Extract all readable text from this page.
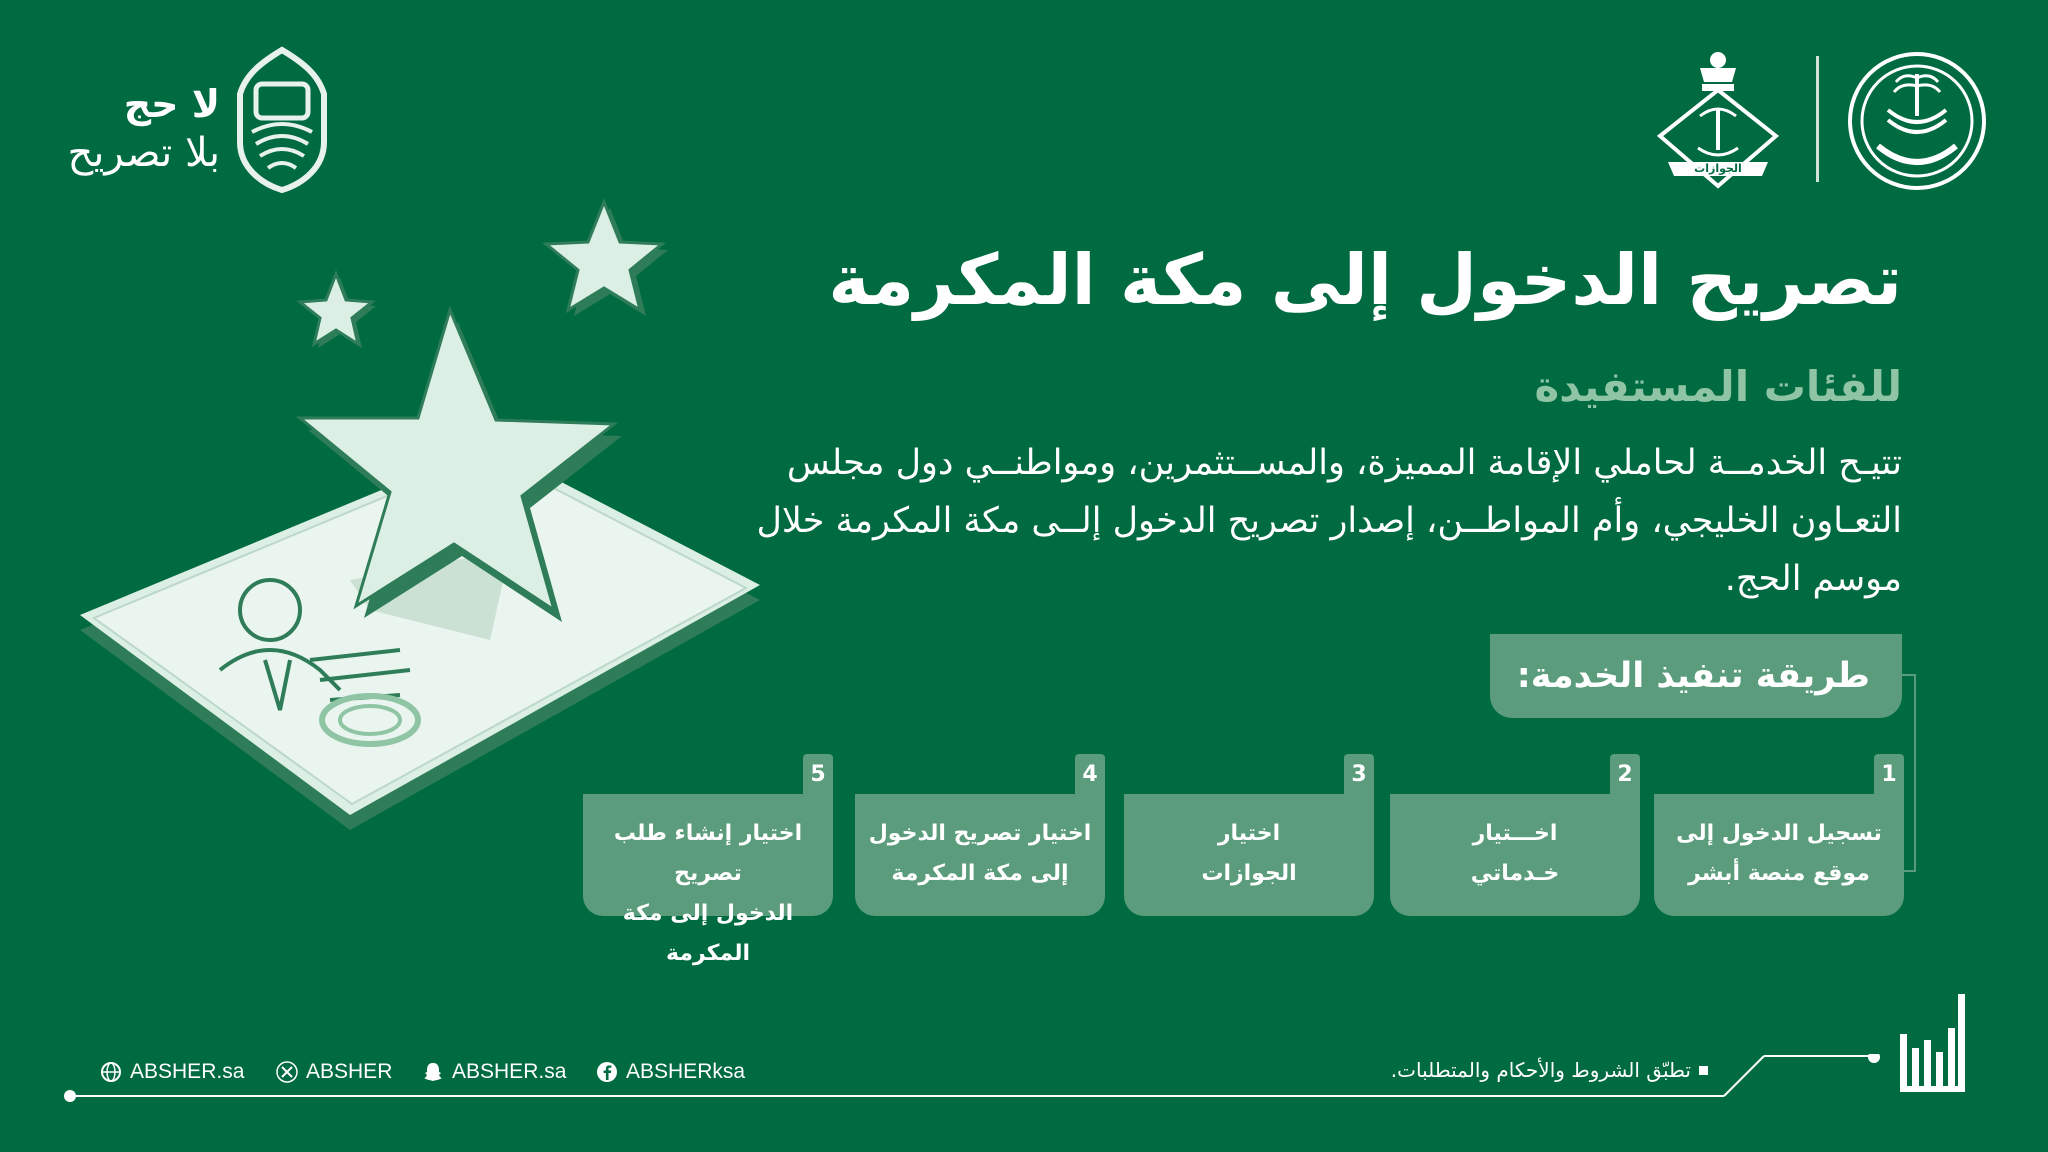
لا حج
بلا تصريح	الجوازات
تصريح الدخول إلى مكة المكرمة
للفئات المستفيدة
تتيـح الخدمــة لحاملي الإقامة المميزة، والمســتثمرين، ومواطنــي دول مجلس التعـاون الخليجي، وأم المواطــن، إصدار تصريح الدخول إلــى مكة المكرمة خلال موسم الحج.
طريقة تنفيذ الخدمة:
1
تسجيل الدخول إلى
موقع منصة أبشر
2
اخـــتيار
خـدماتي
3
اختيار
الجوازات
4
اختيار تصريح الدخول
إلى مكة المكرمة
5
اختيار إنشاء طلب تصريح
الدخول إلى مكة المكرمة
ABSHER.sa	ABSHER	ABSHER.sa	ABSHERksa	تطبّق الشروط والأحكام والمتطلبات.
